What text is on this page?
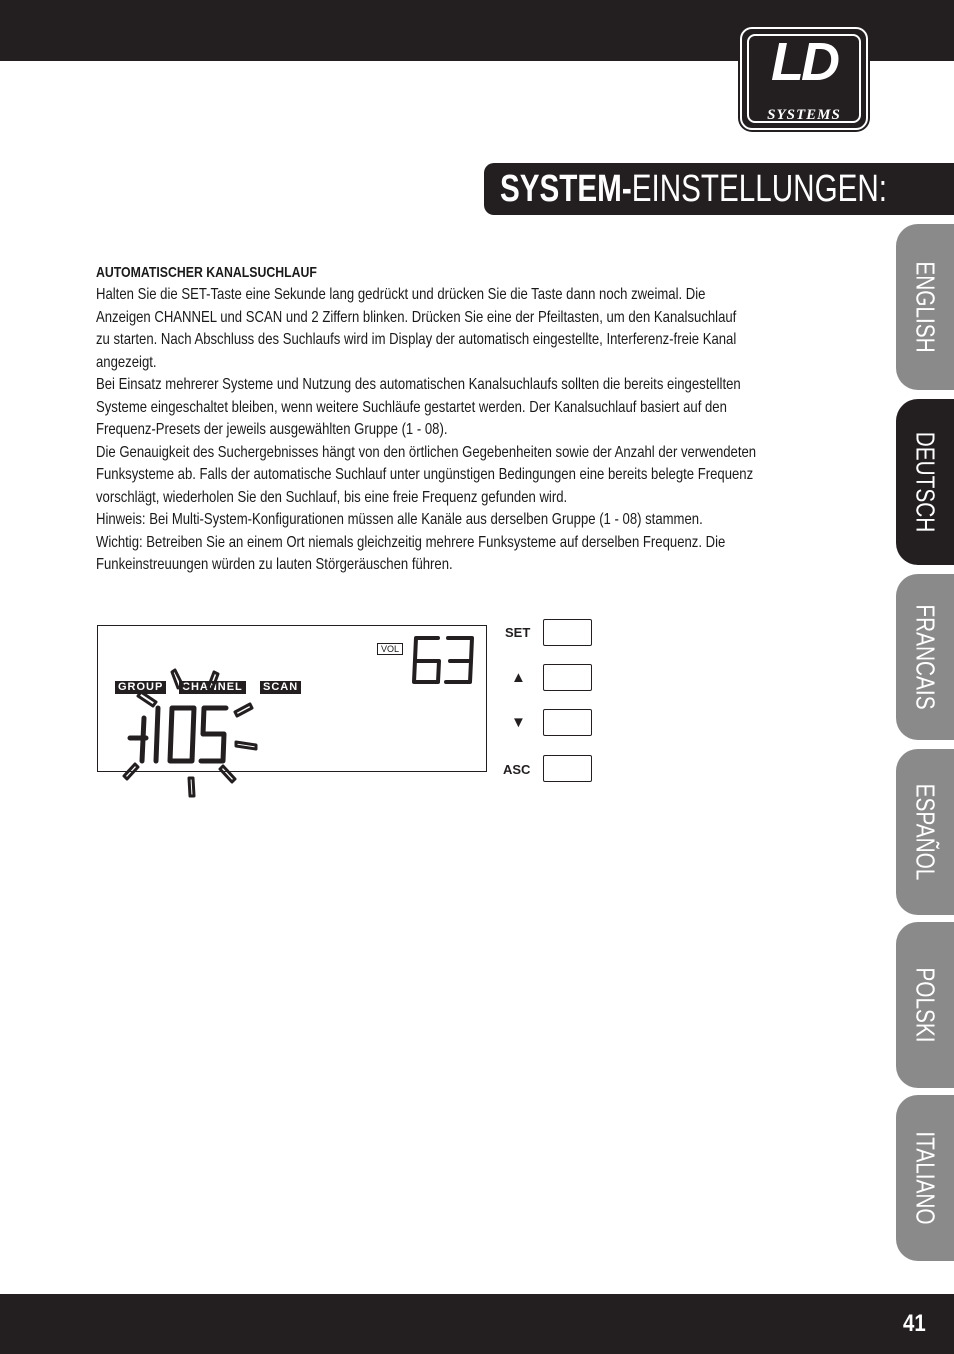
LD
SYSTEMS
SYSTEM-EINSTELLUNGEN:
ENGLISH
DEUTSCH
FRANCAIS
ESPAÑOL
POLSKI
ITALIANO

AUTOMATISCHER KANALSUCHLAUF

Halten Sie die SET-Taste eine Sekunde lang gedrückt und drücken Sie die Taste dann noch zweimal. Die
Anzeigen CHANNEL und SCAN und 2 Ziffern blinken. Drücken Sie eine der Pfeiltasten, um den Kanalsuchlauf
zu starten. Nach Abschluss des Suchlaufs wird im Display der automatisch eingestellte, Interferenz-freie Kanal
angezeigt.

Bei Einsatz mehrerer Systeme und Nutzung des automatischen Kanalsuchlaufs sollten die bereits eingestellten
Systeme eingeschaltet bleiben, wenn weitere Suchläufe gestartet werden. Der Kanalsuchlauf basiert auf den
Frequenz-Presets der jeweils ausgewählten Gruppe (1 - 08).

Die Genauigkeit des Suchergebnisses hängt von den örtlichen Gegebenheiten sowie der Anzahl der verwendeten
Funksysteme ab. Falls der automatische Suchlauf unter ungünstigen Bedingungen eine bereits belegte Frequenz
vorschlägt, wiederholen Sie den Suchlauf, bis eine freie Frequenz gefunden wird.

Hinweis: Bei Multi-System-Konfigurationen müssen alle Kanäle aus derselben Gruppe (1 - 08) stammen.

Wichtig: Betreiben Sie an einem Ort niemals gleichzeitig mehrere Funksysteme auf derselben Frequenz. Die
Funkeinstreuungen würden zu lauten Störgeräuschen führen.

VOL
GROUP CHANNEL SCAN
SET
▲
▼
ASC
41
